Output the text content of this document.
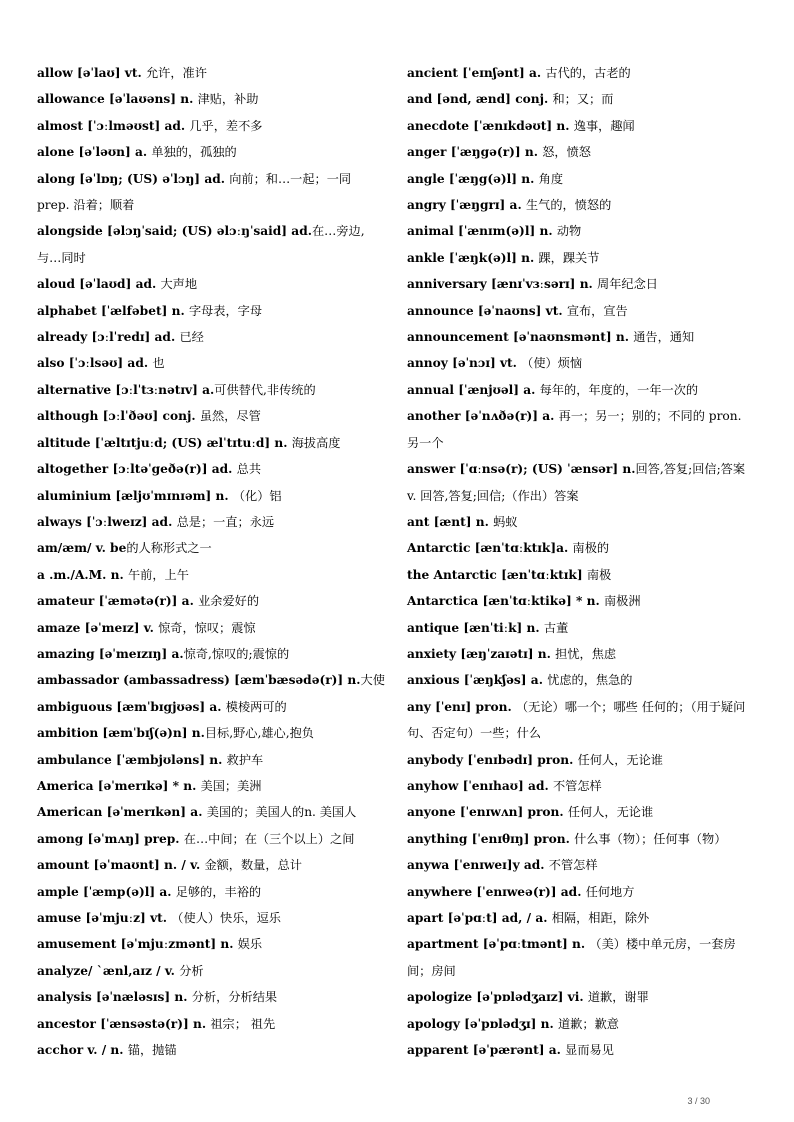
allow [əˈlaʊ] vt. 允许，准许
allowance [əˈlaʊəns] n. 津贴，补助
almost [ˈɔːlməʊst] ad. 几乎，差不多
alone [əˈləʊn] a. 单独的，孤独的
along [əˈlɒŋ; (US) əˈlɔŋ] ad. 向前；和…一起；一同 prep. 沿着；顺着
alongside [əlɔŋˈsaid; (US) əlɔːŋˈsaid] ad.在…旁边,与…同时
aloud [əˈlaʊd] ad. 大声地
alphabet [ˈælfəbet] n. 字母表，字母
already [ɔːlˈredɪ] ad. 已经
also [ˈɔːlsəʊ] ad. 也
alternative [ɔːlˈtɜːnətɪv] a.可供替代,非传统的
although [ɔːlˈðəʊ] conj. 虽然，尽管
altitude [ˈæltɪtjuːd; (US) ælˈtɪtuːd] n. 海拔高度
altogether [ɔːltəˈgeðə(r)] ad. 总共
aluminium [æljʊˈmɪnɪəm] n. （化）铝
always [ˈɔːlweɪz] ad. 总是；一直；永远
am/æm/ v. be的人称形式之一
a .m./A.M. n. 午前，上午
amateur [ˈæmətə(r)] a. 业余爱好的
amaze [əˈmeɪz] v. 惊奇，惊叹；震惊
amazing [əˈmeɪzɪŋ] a.惊奇,惊叹的;震惊的
ambassador (ambassadress) [æmˈbæsədə(r)] n.大使
ambiguous [æmˈbɪgjʊəs] a. 模棱两可的
ambition [æmˈbɪʃ(ə)n] n.目标,野心,雄心,抱负
ambulance [ˈæmbjʊləns] n. 救护车
America [əˈmerɪkə] * n. 美国；美洲
American [əˈmerɪkən] a. 美国的；美国人的n. 美国人
among [əˈmʌŋ] prep. 在…中间；在（三个以上）之间
amount [əˈmaʊnt] n. / v. 金额，数量，总计
ample [ˈæmp(ə)l] a. 足够的，丰裕的
amuse [əˈmjuːz] vt. （使人）快乐，逗乐
amusement [əˈmjuːzmənt] n. 娱乐
analyze/ ˋænl,aɪz / v. 分析
analysis [əˈnæləsɪs] n. 分析，分析结果
ancestor [ˈænsəstə(r)] n. 祖宗； 祖先
acchor v. / n. 锚，抛锚
ancient [ˈeɪnʃənt] a. 古代的，古老的
and [ənd, ænd] conj. 和；又；而
anecdote [ˈænɪkdəʊt] n. 逸事，趣闻
anger [ˈæŋgə(r)] n. 怒，愤怒
angle [ˈæŋg(ə)l] n. 角度
angry [ˈæŋgrɪ] a. 生气的，愤怒的
animal [ˈænɪm(ə)l] n. 动物
ankle [ˈæŋk(ə)l] n. 踝，踝关节
anniversary [ænɪˈvɜːsərɪ] n. 周年纪念日
announce [əˈnaʊns] vt. 宣布，宣告
announcement [əˈnaʊnsmənt] n. 通告，通知
annoy [əˈnɔɪ] vt. （使）烦恼
annual [ˈænjʊəl] a. 每年的，年度的，一年一次的
another [əˈnʌðə(r)] a. 再一；另一；别的；不同的 pron. 另一个
answer [ˈɑːnsə(r); (US) ˈænsər] n.回答,答复;回信;答案 v. 回答,答复;回信;（作出）答案
ant [ænt] n. 蚂蚁
Antarctic [ænˈtɑːktɪk]a. 南极的
the Antarctic [ænˈtɑːktɪk] 南极
Antarctica [ænˈtɑːktikə] * n. 南极洲
antique [ænˈtiːk] n. 古董
anxiety [æŋˈzaɪətɪ] n. 担忧，焦虑
anxious [ˈæŋkʃəs] a. 忧虑的，焦急的
any [ˈenɪ] pron. （无论）哪一个；哪些 任何的；（用于疑问句、否定句）一些；什么
anybody [ˈenɪbədɪ] pron. 任何人，无论谁
anyhow [ˈenɪhaʊ] ad. 不管怎样
anyone [ˈenɪwʌn] pron. 任何人，无论谁
anything [ˈenɪθɪŋ] pron. 什么事（物）；任何事（物）
anywa [ˈenɪweɪ]y ad. 不管怎样
anywhere [ˈenɪweə(r)] ad. 任何地方
apart [əˈpɑːt] ad, / a. 相隔，相距，除外
apartment [əˈpɑːtmənt] n. （美）楼中单元房，一套房间；房间
apologize [əˈpɒlədʒaɪz] vi. 道歉，谢罪
apology [əˈpɒlədʒɪ] n. 道歉；歉意
apparent [əˈpærənt] a. 显而易见
3 / 30
